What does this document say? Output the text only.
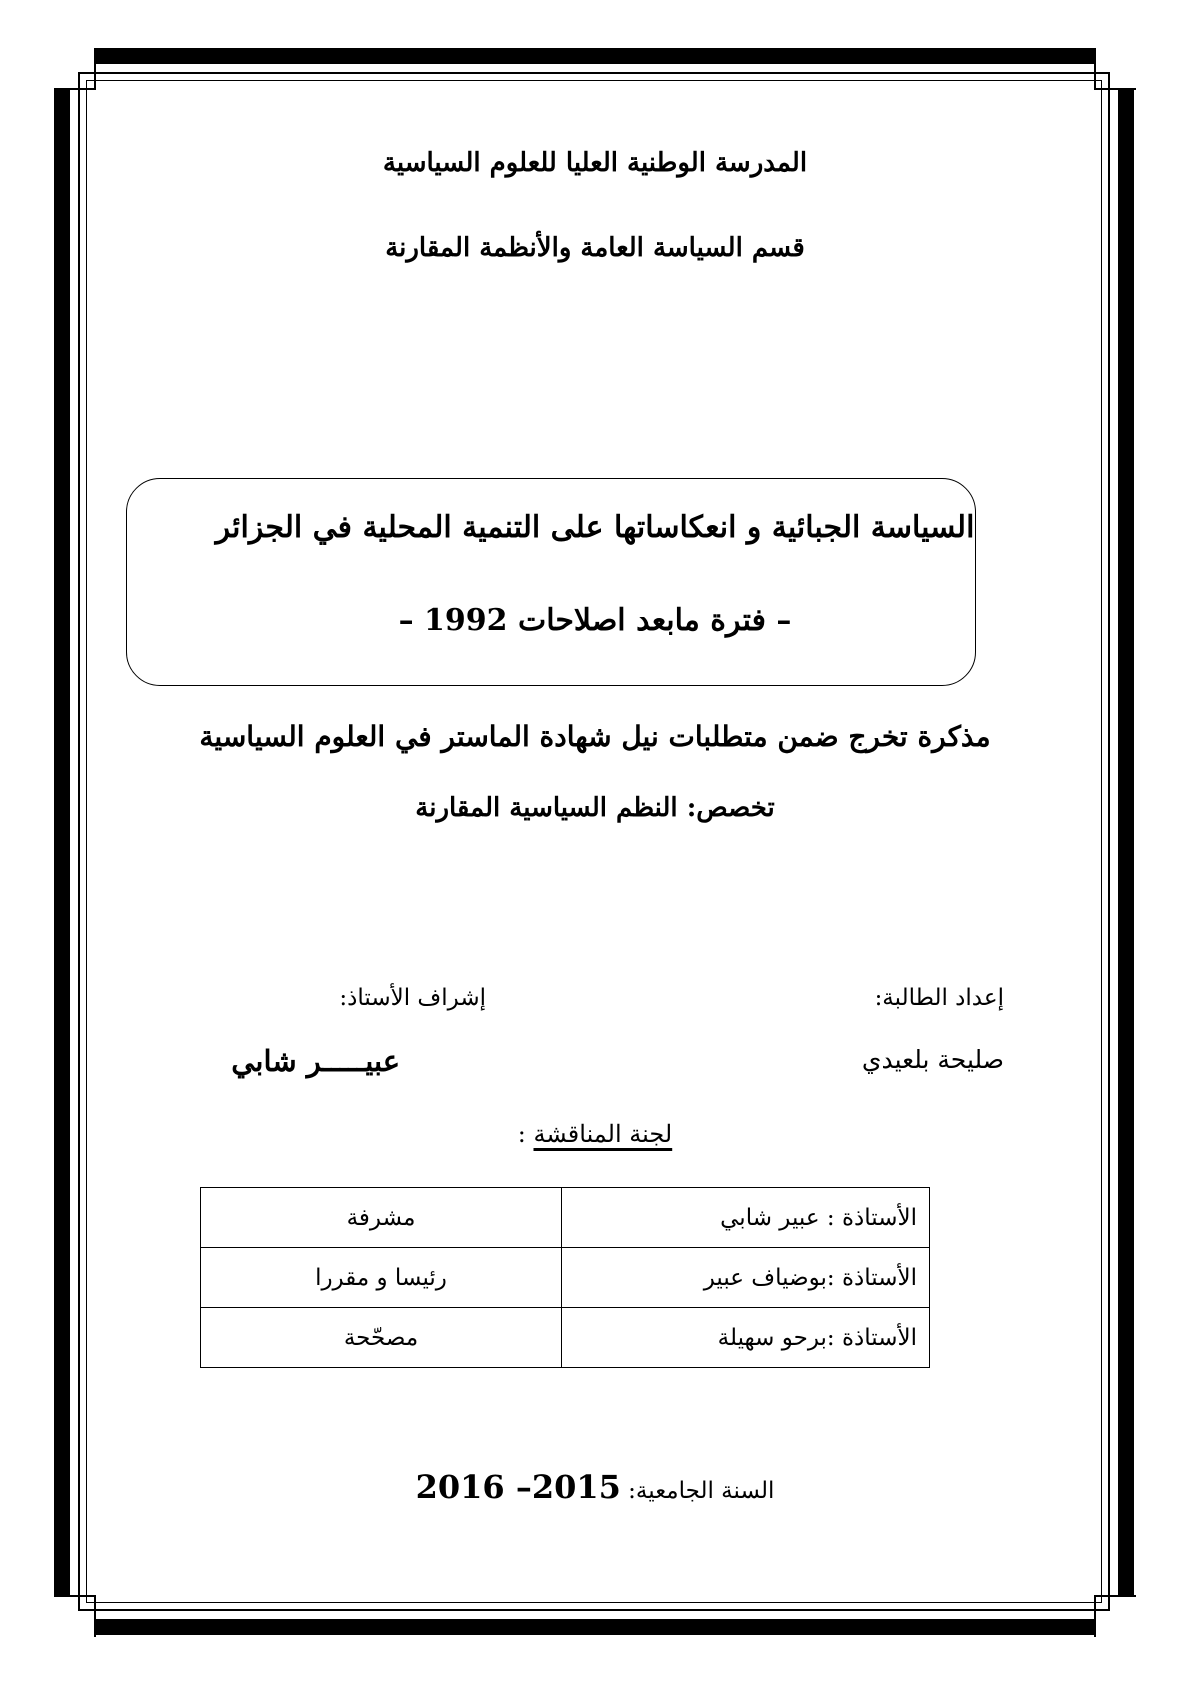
المدرسة الوطنية العليا للعلوم السياسية
قسم السياسة العامة والأنظمة المقارنة
السياسة الجبائية و انعكاساتها على التنمية المحلية في الجزائر
– فترة مابعد اصلاحات 1992 –
مذكرة تخرج ضمن متطلبات نيل شهادة الماستر في العلوم السياسية
تخصص: النظم السياسية المقارنة
إعداد الطالبة:
صليحة بلعيدي
إشراف الأستاذ:
عبيـــــر شابي
لجنة المناقشة :
الأستاذة : عبير شابي	مشرفة
الأستاذة :بوضياف عبير	رئيسا و مقررا
الأستاذة :برحو سهيلة	مصحّحة
السنة الجامعية: 2015– 2016
